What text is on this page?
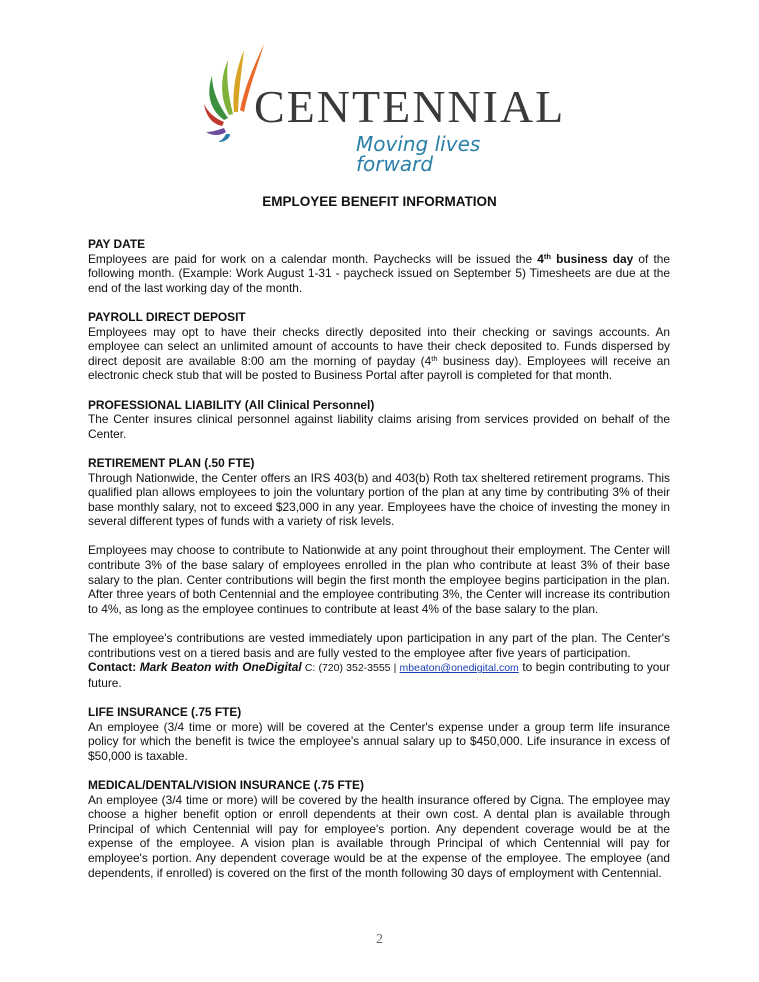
CENTENNIAL
Moving lives forward
EMPLOYEE BENEFIT INFORMATION

PAY DATE

Employees are paid for work on a calendar month. Paychecks will be issued the 4th business day of the following month. (Example: Work August 1-31 - paycheck issued on September 5) Timesheets are due at the end of the last working day of the month.

PAYROLL DIRECT DEPOSIT

Employees may opt to have their checks directly deposited into their checking or savings accounts. An employee can select an unlimited amount of accounts to have their check deposited to. Funds dispersed by direct deposit are available 8:00 am the morning of payday (4th business day). Employees will receive an electronic check stub that will be posted to Business Portal after payroll is completed for that month.

PROFESSIONAL LIABILITY (All Clinical Personnel)

The Center insures clinical personnel against liability claims arising from services provided on behalf of the Center.

RETIREMENT PLAN (.50 FTE)

Through Nationwide, the Center offers an IRS 403(b) and 403(b) Roth tax sheltered retirement programs. This qualified plan allows employees to join the voluntary portion of the plan at any time by contributing 3% of their base monthly salary, not to exceed $23,000 in any year. Employees have the choice of investing the money in several different types of funds with a variety of risk levels.

Employees may choose to contribute to Nationwide at any point throughout their employment. The Center will contribute 3% of the base salary of employees enrolled in the plan who contribute at least 3% of their base salary to the plan. Center contributions will begin the first month the employee begins participation in the plan. After three years of both Centennial and the employee contributing 3%, the Center will increase its contribution to 4%, as long as the employee continues to contribute at least 4% of the base salary to the plan.

The employee's contributions are vested immediately upon participation in any part of the plan. The Center's contributions vest on a tiered basis and are fully vested to the employee after five years of participation.

Contact: Mark Beaton with OneDigital C: (720) 352-3555 | mbeaton@onedigital.com to begin contributing to your future.

LIFE INSURANCE (.75 FTE)

An employee (3/4 time or more) will be covered at the Center's expense under a group term life insurance policy for which the benefit is twice the employee's annual salary up to $450,000. Life insurance in excess of $50,000 is taxable.

MEDICAL/DENTAL/VISION INSURANCE (.75 FTE)

An employee (3/4 time or more) will be covered by the health insurance offered by Cigna. The employee may choose a higher benefit option or enroll dependents at their own cost. A dental plan is available through Principal of which Centennial will pay for employee's portion. Any dependent coverage would be at the expense of the employee. A vision plan is available through Principal of which Centennial will pay for employee's portion. Any dependent coverage would be at the expense of the employee. The employee (and dependents, if enrolled) is covered on the first of the month following 30 days of employment with Centennial.

2
